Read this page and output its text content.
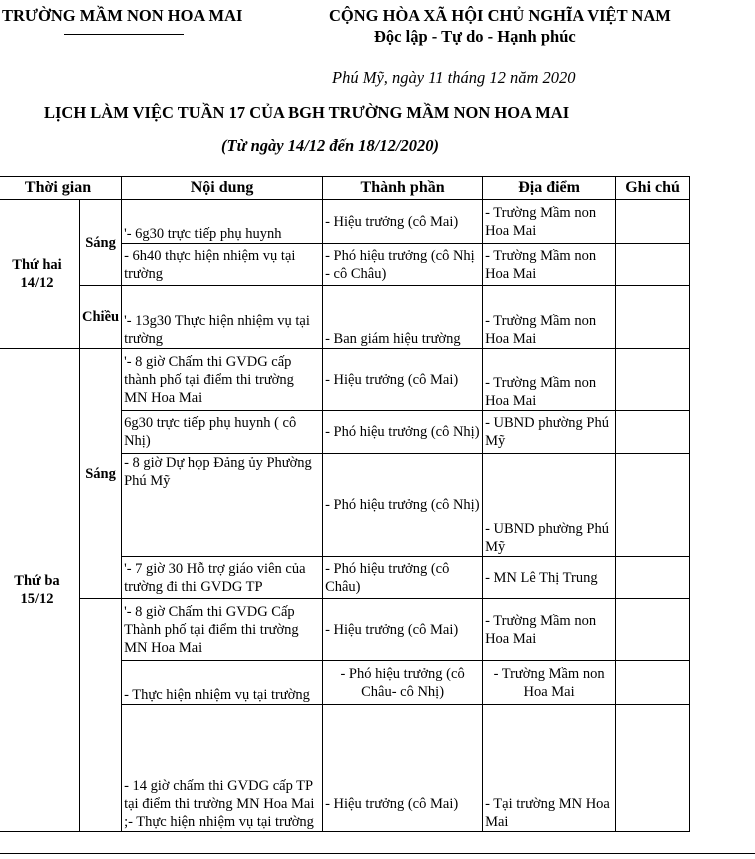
TRƯỜNG MẦM NON HOA MAI	CỘNG HÒA XÃ HỘI CHỦ NGHĨA VIỆT NAM
Độc lập - Tự do - Hạnh phúc
Phú Mỹ, ngày 11 tháng 12 năm 2020
LỊCH LÀM VIỆC TUẦN 17 CỦA BGH TRƯỜNG MẦM NON HOA MAI
(Từ ngày 14/12 đến 18/12/2020)
Thời gian		Nội dung	Thành phần	Địa điểm	Ghi chú

Thứ hai
14/12	Sáng	'- 6g30 trực tiếp phụ huynh	- Hiệu trưởng (cô Mai)	- Trường Mầm non Hoa Mai	
		- 6h40 thực hiện nhiệm vụ tại trường	- Phó hiệu trưởng (cô Nhị - cô Châu)	- Trường Mầm non Hoa Mai	
	Chiều	'- 13g30 Thực hiện nhiệm vụ tại trường	- Ban giám hiệu trường	- Trường Mầm non Hoa Mai	

Thứ ba
15/12	Sáng	'- 8 giờ Chấm thi GVDG cấp thành phố tại điểm thi trường MN Hoa Mai	- Hiệu trưởng (cô Mai)	- Trường Mầm non Hoa Mai	
		6g30 trực tiếp phụ huynh ( cô Nhị)	- Phó hiệu trưởng (cô Nhị)	- UBND phường Phú Mỹ	
		- 8 giờ Dự họp Đảng ủy Phường Phú Mỹ	- Phó hiệu trưởng (cô Nhị)	- UBND phường Phú Mỹ	
		'- 7 giờ 30 Hỗ trợ giáo viên của trường đi thi GVDG TP	- Phó hiệu trưởng (cô Châu)	- MN Lê Thị Trung	
		'- 8 giờ Chấm thi GVDG Cấp Thành phố tại điểm thi trường MN Hoa Mai	- Hiệu trưởng (cô Mai)	- Trường Mầm non Hoa Mai	
		- Thực hiện nhiệm vụ tại trường	- Phó hiệu trưởng (cô Châu- cô Nhị)	- Trường Mầm non Hoa Mai	

		- 14 giờ chấm thi GVDG cấp TP
tại điểm thi trường MN Hoa Mai
;- Thực hiện nhiệm vụ tại trường	- Hiệu trưởng (cô Mai)	- Tại trường MN Hoa Mai	
